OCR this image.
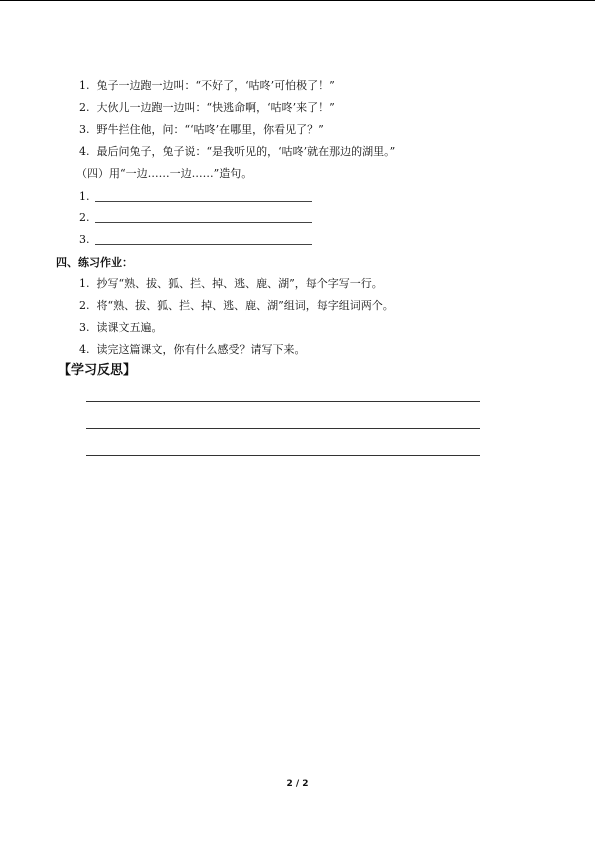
1. 兔子一边跑一边叫：“不好了，‘咕咚’可怕极了！”
2. 大伙儿一边跑一边叫：“快逃命啊，‘咕咚’来了！”
3. 野牛拦住他，问：“‘咕咚’在哪里，你看见了？”
4. 最后问兔子，兔子说：“是我听见的，‘咕咚’就在那边的湖里。”
（四）用“一边……一边……”造句。
1.
2.
3.
四、练习作业：
1. 抄写“熟、拔、狐、拦、掉、逃、鹿、湖”，每个字写一行。
2. 将“熟、拔、狐、拦、掉、逃、鹿、湖”组词，每字组词两个。
3. 读课文五遍。
4. 读完这篇课文，你有什么感受？请写下来。
【学习反思】
2 / 2
